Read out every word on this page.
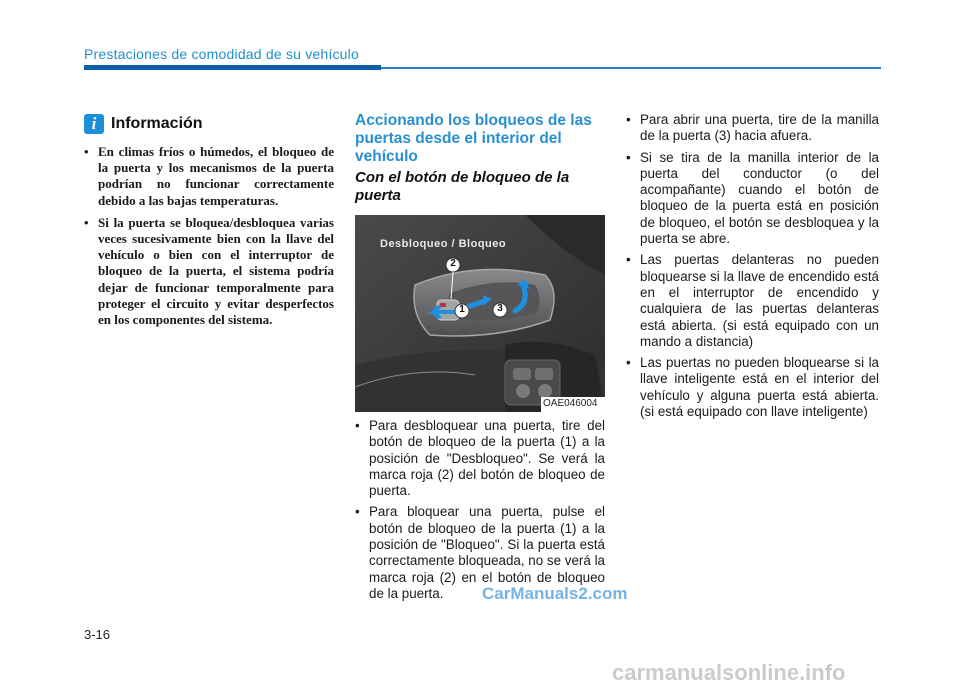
Prestaciones de comodidad de su vehículo
i Información
• En climas fríos o húmedos, el bloqueo de la puerta y los mecanismos de la puerta podrían no funcionar correctamente debido a las bajas temperaturas.
• Si la puerta se bloquea/desbloquea varias veces sucesivamente bien con la llave del vehículo o bien con el interruptor de bloqueo de la puerta, el sistema podría dejar de funcionar temporalmente para proteger el circuito y evitar desperfectos en los componentes del sistema.
Accionando los bloqueos de las puertas desde el interior del vehículo
Con el botón de bloqueo de la puerta
Desbloqueo / Bloqueo
2
1	3
OAE046004
• Para desbloquear una puerta, tire del botón de bloqueo de la puerta (1) a la posición de "Desbloqueo". Se verá la marca roja (2) del botón de bloqueo de puerta.
• Para bloquear una puerta, pulse el botón de bloqueo de la puerta (1) a la posición de "Bloqueo". Si la puerta está correctamente bloqueada, no se verá la marca roja (2) en el botón de bloqueo de la puerta.
• Para abrir una puerta, tire de la manilla de la puerta (3) hacia afuera.
• Si se tira de la manilla interior de la puerta del conductor (o del acompañante) cuando el botón de bloqueo de la puerta está en posición de bloqueo, el botón se desbloquea y la puerta se abre.
• Las puertas delanteras no pueden bloquearse si la llave de encendido está en el interruptor de encendido y cualquiera de las puertas delanteras está abierta. (si está equipado con un mando a distancia)
• Las puertas no pueden bloquearse si la llave inteligente está en el interior del vehículo y alguna puerta está abierta. (si está equipado con llave inteligente)
3-16
CarManuals2.com
carmanualsonline.info
